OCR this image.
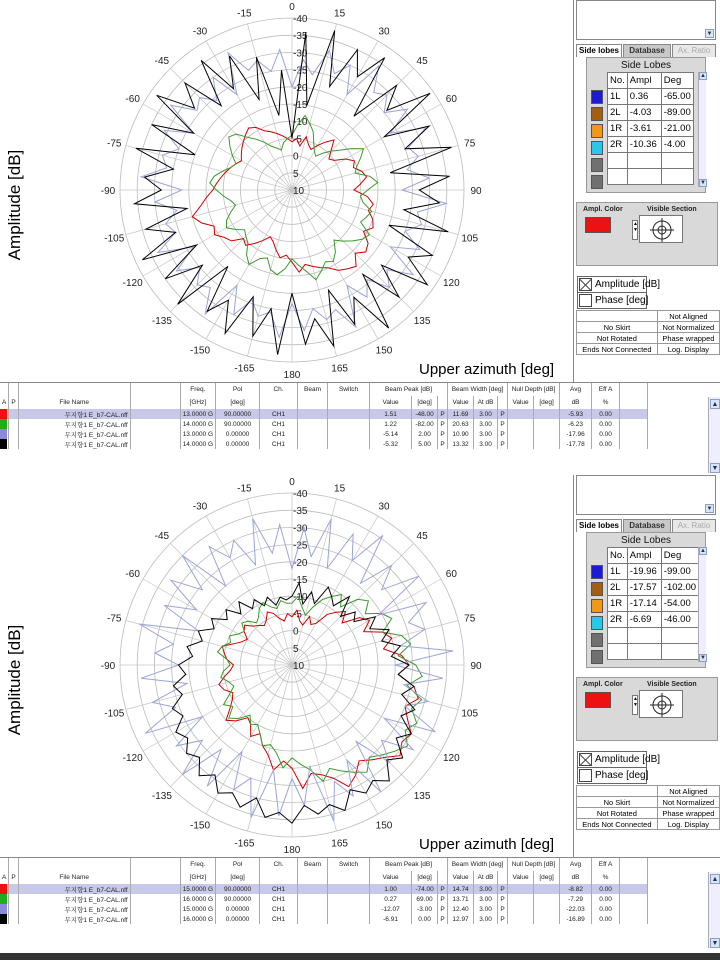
-15
0
15
30
45
60
75
90
105
120
135
150
165
180
-165
-150
-135
-120
-105
-90
-75
-60
-45
-30
10
5
0
-5
-10
-15
-20
-25
-30
-35
-40
Amplitude [dB]
Upper azimuth [deg]
▼
Side lobes	Database	Ax. Ratio
Side Lobes
No.	Ampl	Deg
1L	0.36	-65.00
2L	-4.03	-89.00
1R	-3.61	-21.00
2R	-10.36	-4.00

▲
▼
Ampl. Color	Visible Section
▲
▼
Amplitude [dB]
Phase [deg]
	Not Aligned
No Skirt	Not Normalized
Not Rotated	Phase wrapped
Ends Not Connected	Log. Display
				Freq.	Pol	Ch.	Beam	Switch	Beam Peak [dB]			Beam Width [deg]			Null Depth [dB]		Avg	Eff A	
A	P	File Name		[GHz]	[deg]				Value	[deg]		Value	At dB		Value	[deg]	dB	%	

		무지향1 E_b7-CAL.nff		13.0000 G	90.00000	CH1			1.51	-48.00	P	11.69	3.00	P			-5.93	0.00	

		무지향1 E_b7-CAL.nff		14.0000 G	90.00000	CH1			1.22	-82.00	P	20.63	3.00	P			-6.23	0.00	

		무지향1 E_b7-CAL.nff		13.0000 G	0.00000	CH1			-5.14	2.00	P	10.90	3.00	P			-17.96	0.00	

		무지향1 E_b7-CAL.nff		14.0000 G	0.00000	CH1			-5.32	5.00	P	13.32	3.00	P			-17.78	0.00	
▲
▼
-15
0
15
30
45
60
75
90
105
120
135
150
165
180
-165
-150
-135
-120
-105
-90
-75
-60
-45
-30
10
5
0
-5
-10
-15
-20
-25
-30
-35
-40
Amplitude [dB]
Upper azimuth [deg]
▼
Side lobes	Database	Ax. Ratio
Side Lobes
No.	Ampl	Deg
1L	-19.96	-99.00
2L	-17.57	-102.00
1R	-17.14	-54.00
2R	-6.69	-46.00

▲
▼
Ampl. Color	Visible Section
▲
▼
Amplitude [dB]
Phase [deg]
	Not Aligned
No Skirt	Not Normalized
Not Rotated	Phase wrapped
Ends Not Connected	Log. Display
				Freq.	Pol	Ch.	Beam	Switch	Beam Peak [dB]			Beam Width [deg]			Null Depth [dB]		Avg	Eff A	
A	P	File Name		[GHz]	[deg]				Value	[deg]		Value	At dB		Value	[deg]	dB	%	

		무지향1 E_b7-CAL.nff		15.0000 G	90.00000	CH1			1.00	-74.00	P	14.74	3.00	P			-8.82	0.00	

		무지향1 E_b7-CAL.nff		16.0000 G	90.00000	CH1			0.27	69.00	P	13.71	3.00	P			-7.29	0.00	

		무지향1 E_b7-CAL.nff		15.0000 G	0.00000	CH1			-12.07	-3.00	P	12.40	3.00	P			-22.03	0.00	

		무지향1 E_b7-CAL.nff		16.0000 G	0.00000	CH1			-6.91	0.00	P	12.97	3.00	P			-16.89	0.00	
▲
▼
